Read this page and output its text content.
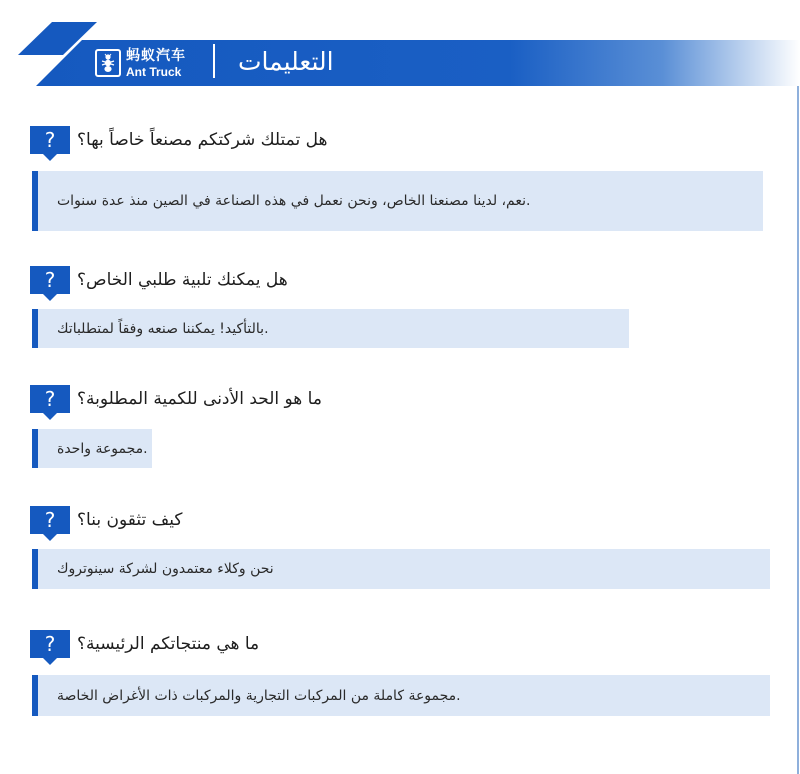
蚂蚁汽车
Ant Truck التعليمات
?	هل تمتلك شركتكم مصنعاً خاصاً بها؟
نعم، لدينا مصنعنا الخاص، ونحن نعمل في هذه الصناعة في الصين منذ عدة سنوات.
?	هل يمكنك تلبية طلبي الخاص؟
بالتأكيد! يمكننا صنعه وفقاً لمتطلباتك.
?	ما هو الحد الأدنى للكمية المطلوبة؟
مجموعة واحدة.
?	كيف تثقون بنا؟
نحن وكلاء معتمدون لشركة سينوتروك
?	ما هي منتجاتكم الرئيسية؟
مجموعة كاملة من المركبات التجارية والمركبات ذات الأغراض الخاصة.
